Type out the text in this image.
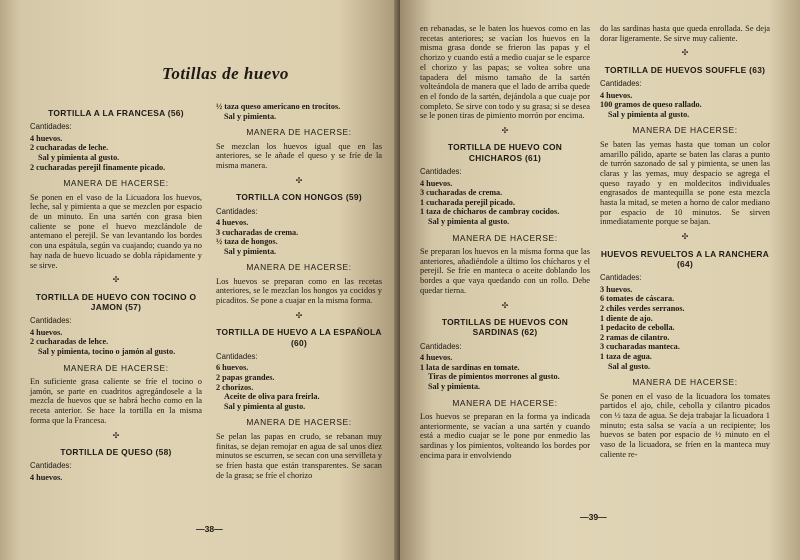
Totillas de huevo
TORTILLA A LA FRANCESA (56)
Cantidades:
4 huevos.
2 cucharadas de leche.
Sal y pimienta al gusto.
2 cucharadas perejil finamente picado.
MANERA DE HACERSE:

Se ponen en el vaso de la Licuadora los huevos, leche, sal y pimienta a que se mezclen por espacio de un minuto. En una sartén con grasa bien caliente se pone el huevo mezclándole de antemano el perejil. Se van levantando los bordes con una espátula, según va cuajando; cuando ya no hay nada de huevo licuado se dobla rápidamente y se sirve.

✣
TORTILLA DE HUEVO CON TOCINO O JAMON (57)
Cantidades:
4 huevos.
2 cucharadas de lehce.
Sal y pimienta, tocino o jamón al gusto.
MANERA DE HACERSE:

En suficiente grasa caliente se fríe el tocino o jamón, se parte en cuadritos agregándosele a la mezcla de huevos que se habrá hecho como en la receta anterior. Se hace la tortilla en la misma forma que la Francesa.

✣
TORTILLA DE QUESO (58)
Cantidades:
4 huevos.
½ taza queso americano en trocitos.
Sal y pimienta.
MANERA DE HACERSE:

Se mezclan los huevos igual que en las anteriores, se le añade el queso y se fríe de la misma manera.

✣
TORTILLA CON HONGOS (59)
Cantidades:
4 huevos.
3 cucharadas de crema.
½ taza de hongos.
Sal y pimienta.
MANERA DE HACERSE:

Los huevos se preparan como en las recetas anteriores, se le mezclan los hongos ya cocidos y picaditos. Se pone a cuajar en la misma forma.

✣
TORTILLA DE HUEVO A LA ESPAÑOLA (60)
Cantidades:
6 huevos.
2 papas grandes.
2 chorizos.
Aceite de oliva para freírla.
Sal y pimienta al gusto.
MANERA DE HACERSE:

Se pelan las papas en crudo, se rebanan muy finitas, se dejan remojar en agua de sal unos diez minutos se escurren, se secan con una servilleta y se fríen hasta que están transparentes. Se sacan de la grasa; se fríe el chorizo

—38—

en rebanadas, se le baten los huevos como en las recetas anteriores; se vacían los huevos en la misma grasa donde se frieron las papas y el chorizo y cuando está a medio cuajar se le esparce el chorizo y las papas; se voltea sobre una tapadera del mismo tamaño de la sartén volteándola de manera que el lado de arriba quede en el fondo de la sartén, dejándola a que cuaje por completo. Se sirve con todo y su grasa; si se desea se le ponen tiras de pimiento morrón por encima.

✣
TORTILLA DE HUEVO CON CHICHAROS (61)
Cantidades:
4 huevos.
3 cucharadas de crema.
1 cucharada perejil picado.
1 taza de chícharos de cambray cocidos.
Sal y pimienta al gusto.
MANERA DE HACERSE:

Se preparan los huevos en la misma forma que las anteriores, añadiéndole a último los chícharos y el perejil. Se fríe en manteca o aceite doblando los bordes a que vaya quedando con un rollo. Debe quedar tierna.

✣
TORTILLAS DE HUEVOS CON SARDINAS (62)
Cantidades:
4 huevos.
1 lata de sardinas en tomate.
Tiras de pimientos morrones al gusto.
Sal y pimienta.
MANERA DE HACERSE:

Los huevos se preparan en la forma ya indicada anteriormente, se vacían a una sartén y cuando está a medio cuajar se le pone por enmedio las sardinas y los pimientos, volteando los bordes por encima para ir envolviendo

do las sardinas hasta que queda enrollada. Se deja dorar ligeramente. Se sirve muy caliente.

✣
TORTILLA DE HUEVOS SOUFFLE (63)
Cantidades:
4 huevos.
100 gramos de queso rallado.
Sal y pimienta al gusto.
MANERA DE HACERSE:

Se baten las yemas hasta que toman un color amarillo pálido, aparte se baten las claras a punto de turrón sazonado de sal y pimienta, se unen las claras y las yemas, muy despacio se agrega el queso rayado y en moldecitos individuales engrasados de mantequilla se pone esta mezcla hasta la mitad, se meten a horno de calor mediano por espacio de 10 minutos. Se sirven inmediatamente porque se bajan.

✣
HUEVOS REVUELTOS A LA RANCHERA (64)
Cantidades:
3 huevos.
6 tomates de cáscara.
2 chiles verdes serranos.
1 diente de ajo.
1 pedacito de cebolla.
2 ramas de cilantro.
3 cucharadas manteca.
1 taza de agua.
Sal al gusto.
MANERA DE HACERSE:

Se ponen en el vaso de la licuadora los tomates partidos el ajo, chile, cebolla y cilantro picados con ½ taza de agua. Se deja trabajar la licuadora 1 minuto; esta salsa se vacía a un recipiente; los huevos se baten por espacio de ½ minuto en el vaso de la licuadora, se fríen en la manteca muy caliente re-

—39—
